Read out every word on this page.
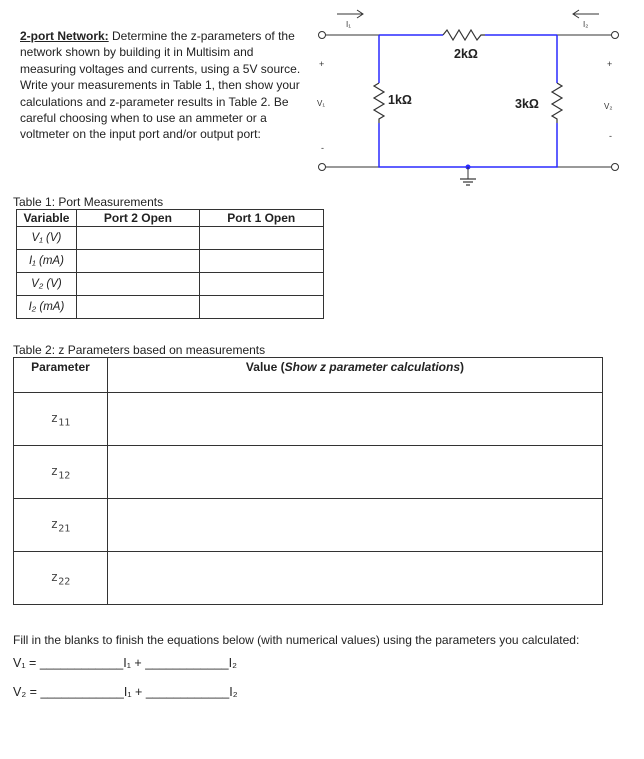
2-port Network: Determine the z-parameters of the network shown by building it in Multisim and measuring voltages and currents, using a 5V source. Write your measurements in Table 1, then show your calculations and z-parameter results in Table 2. Be careful choosing when to use an ammeter or a voltmeter on the input port and/or output port:
I₁	I₂
+
V₁
-
+
V₂
-
2kΩ
1kΩ	3kΩ
Table 1: Port Measurements
Variable	Port 2 Open	Port 1 Open
V₁ (V)		
I₁ (mA)		
V₂ (V)		
I₂ (mA)		
Table 2: z Parameters based on measurements
Parameter	Value (Show z parameter calculations)
$z_{11}$	
$z_{12}$	
$z_{21}$	
$z_{22}$	
Fill in the blanks to finish the equations below (with numerical values) using the parameters you calculated:
V₁ = ____________I₁ + ____________I₂
V₂ = ____________I₁ + ____________I₂
